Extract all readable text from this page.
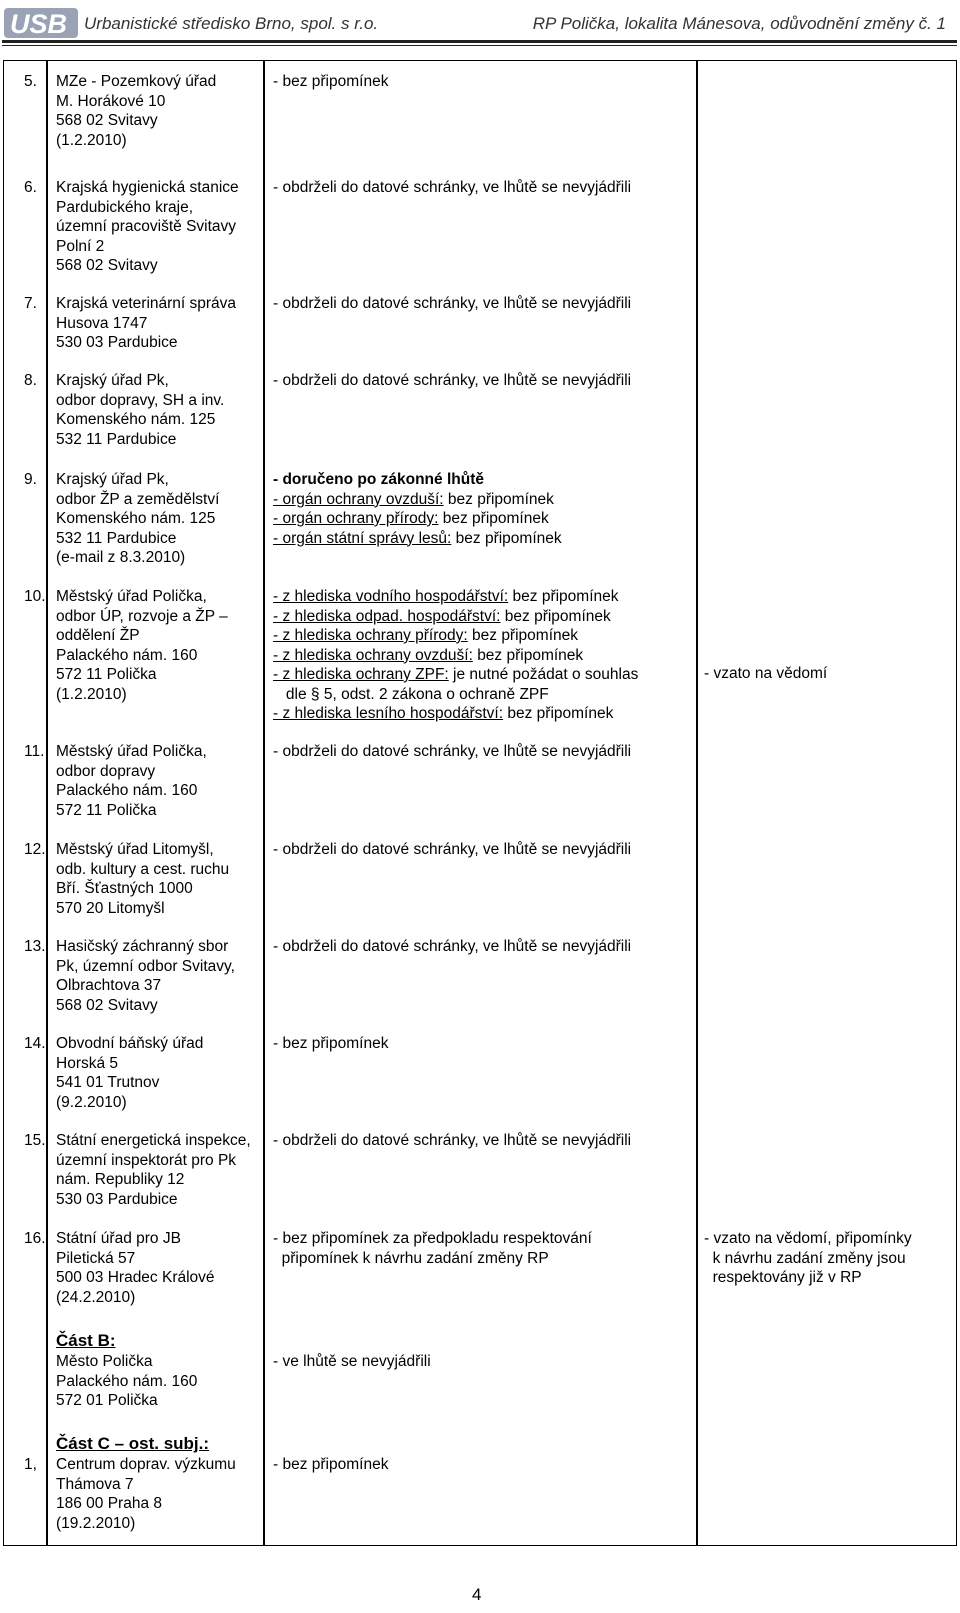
USB Urbanistické středisko Brno, spol. s r.o.	RP Polička, lokalita Mánesova, odůvodnění změny č. 1
5. MZe - Pozemkový úřad
M. Horákové 10
568 02 Svitavy
(1.2.2010)
- bez připomínek
6. Krajská hygienická stanice
Pardubického kraje,
územní pracoviště Svitavy
Polní 2
568 02 Svitavy
- obdrželi do datové schránky, ve lhůtě se nevyjádřili
7. Krajská veterinární správa
Husova 1747
530 03 Pardubice
- obdrželi do datové schránky, ve lhůtě se nevyjádřili
8. Krajský úřad Pk,
odbor dopravy, SH a inv.
Komenského nám. 125
532 11 Pardubice
- obdrželi do datové schránky, ve lhůtě se nevyjádřili
9. Krajský úřad Pk,
odbor ŽP a zemědělství
Komenského nám. 125
532 11 Pardubice
(e-mail z 8.3.2010)
- doručeno po zákonné lhůtě
- orgán ochrany ovzduší: bez připomínek
- orgán ochrany přírody: bez připomínek
- orgán státní správy lesů: bez připomínek
10. Městský úřad Polička,
odbor ÚP, rozvoje a ŽP –
oddělení ŽP
Palackého nám. 160
572 11 Polička
(1.2.2010)
- z hlediska vodního hospodářství: bez připomínek
- z hlediska odpad. hospodářství: bez připomínek
- z hlediska ochrany přírody: bez připomínek
- z hlediska ochrany ovzduší: bez připomínek
- z hlediska ochrany ZPF: je nutné požádat o souhlas
dle § 5, odst. 2 zákona o ochraně ZPF
- z hlediska lesního hospodářství: bez připomínek
- vzato na vědomí
11. Městský úřad Polička,
odbor dopravy
Palackého nám. 160
572 11 Polička
- obdrželi do datové schránky, ve lhůtě se nevyjádřili
12. Městský úřad Litomyšl,
odb. kultury a cest. ruchu
Bří. Šťastných 1000
570 20 Litomyšl
- obdrželi do datové schránky, ve lhůtě se nevyjádřili
13. Hasičský záchranný sbor
Pk, územní odbor Svitavy,
Olbrachtova 37
568 02 Svitavy
- obdrželi do datové schránky, ve lhůtě se nevyjádřili
14. Obvodní báňský úřad
Horská 5
541 01 Trutnov
(9.2.2010)
- bez připomínek
15. Státní energetická inspekce,
územní inspektorát pro Pk
nám. Republiky 12
530 03 Pardubice
- obdrželi do datové schránky, ve lhůtě se nevyjádřili
16. Státní úřad pro JB
Piletická 57
500 03 Hradec Králové
(24.2.2010)
- bez připomínek za předpokladu respektování
připomínek k návrhu zadání změny RP
- vzato na vědomí, připomínky
k návrhu zadání změny jsou
respektovány již v RP
Část B:
Město Polička
Palackého nám. 160
572 01 Polička
- ve lhůtě se nevyjádřili
1,
Část C – ost. subj.:
Centrum doprav. výzkumu
Thámova 7
186 00 Praha 8
(19.2.2010)
- bez připomínek
4
